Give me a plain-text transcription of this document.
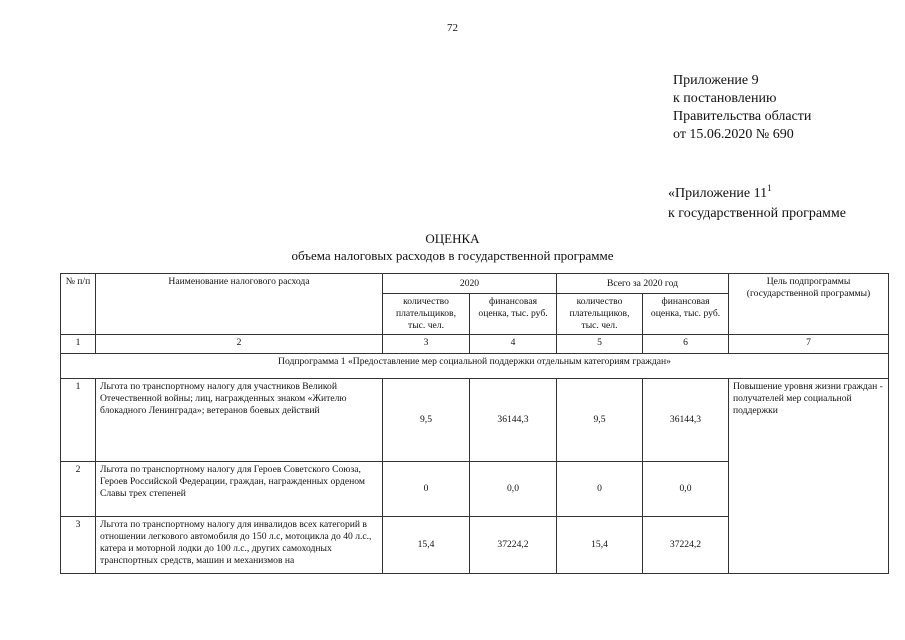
72
Приложение 9
к постановлению
Правительства области
от 15.06.2020 № 690
«Приложение $11^1$
к государственной программе
ОЦЕНКА
объема налоговых расходов в государственной программе
№ п/п	Наименование налогового расхода	2020		Всего за 2020 год		Цель подпрограммы (государственной программы)
		количество плательщиков, тыс. чел.	финансовая оценка, тыс. руб.	количество плательщиков, тыс. чел.	финансовая оценка, тыс. руб.	
1	2	3	4	5	6	7
Подпрограмма 1 «Предоставление мер социальной поддержки отдельным категориям граждан»						
1	Льгота по транспортному налогу для участников Великой Отечественной войны; лиц, награжденных знаком «Жителю блокадного Ленинграда»; ветеранов боевых действий	9,5	36144,3	9,5	36144,3	Повышение уровня жизни граждан - получателей мер социальной поддержки
2	Льгота по транспортному налогу для Героев Советского Союза, Героев Российской Федерации, граждан, награжденных орденом Славы трех степеней	0	0,0	0	0,0	
3	Льгота по транспортному налогу для инвалидов всех категорий в отношении легкового автомобиля до 150 л.с, мотоцикла до 40 л.с., катера и моторной лодки до 100 л.с., других самоходных транспортных средств, машин и механизмов на	15,4	37224,2	15,4	37224,2	
